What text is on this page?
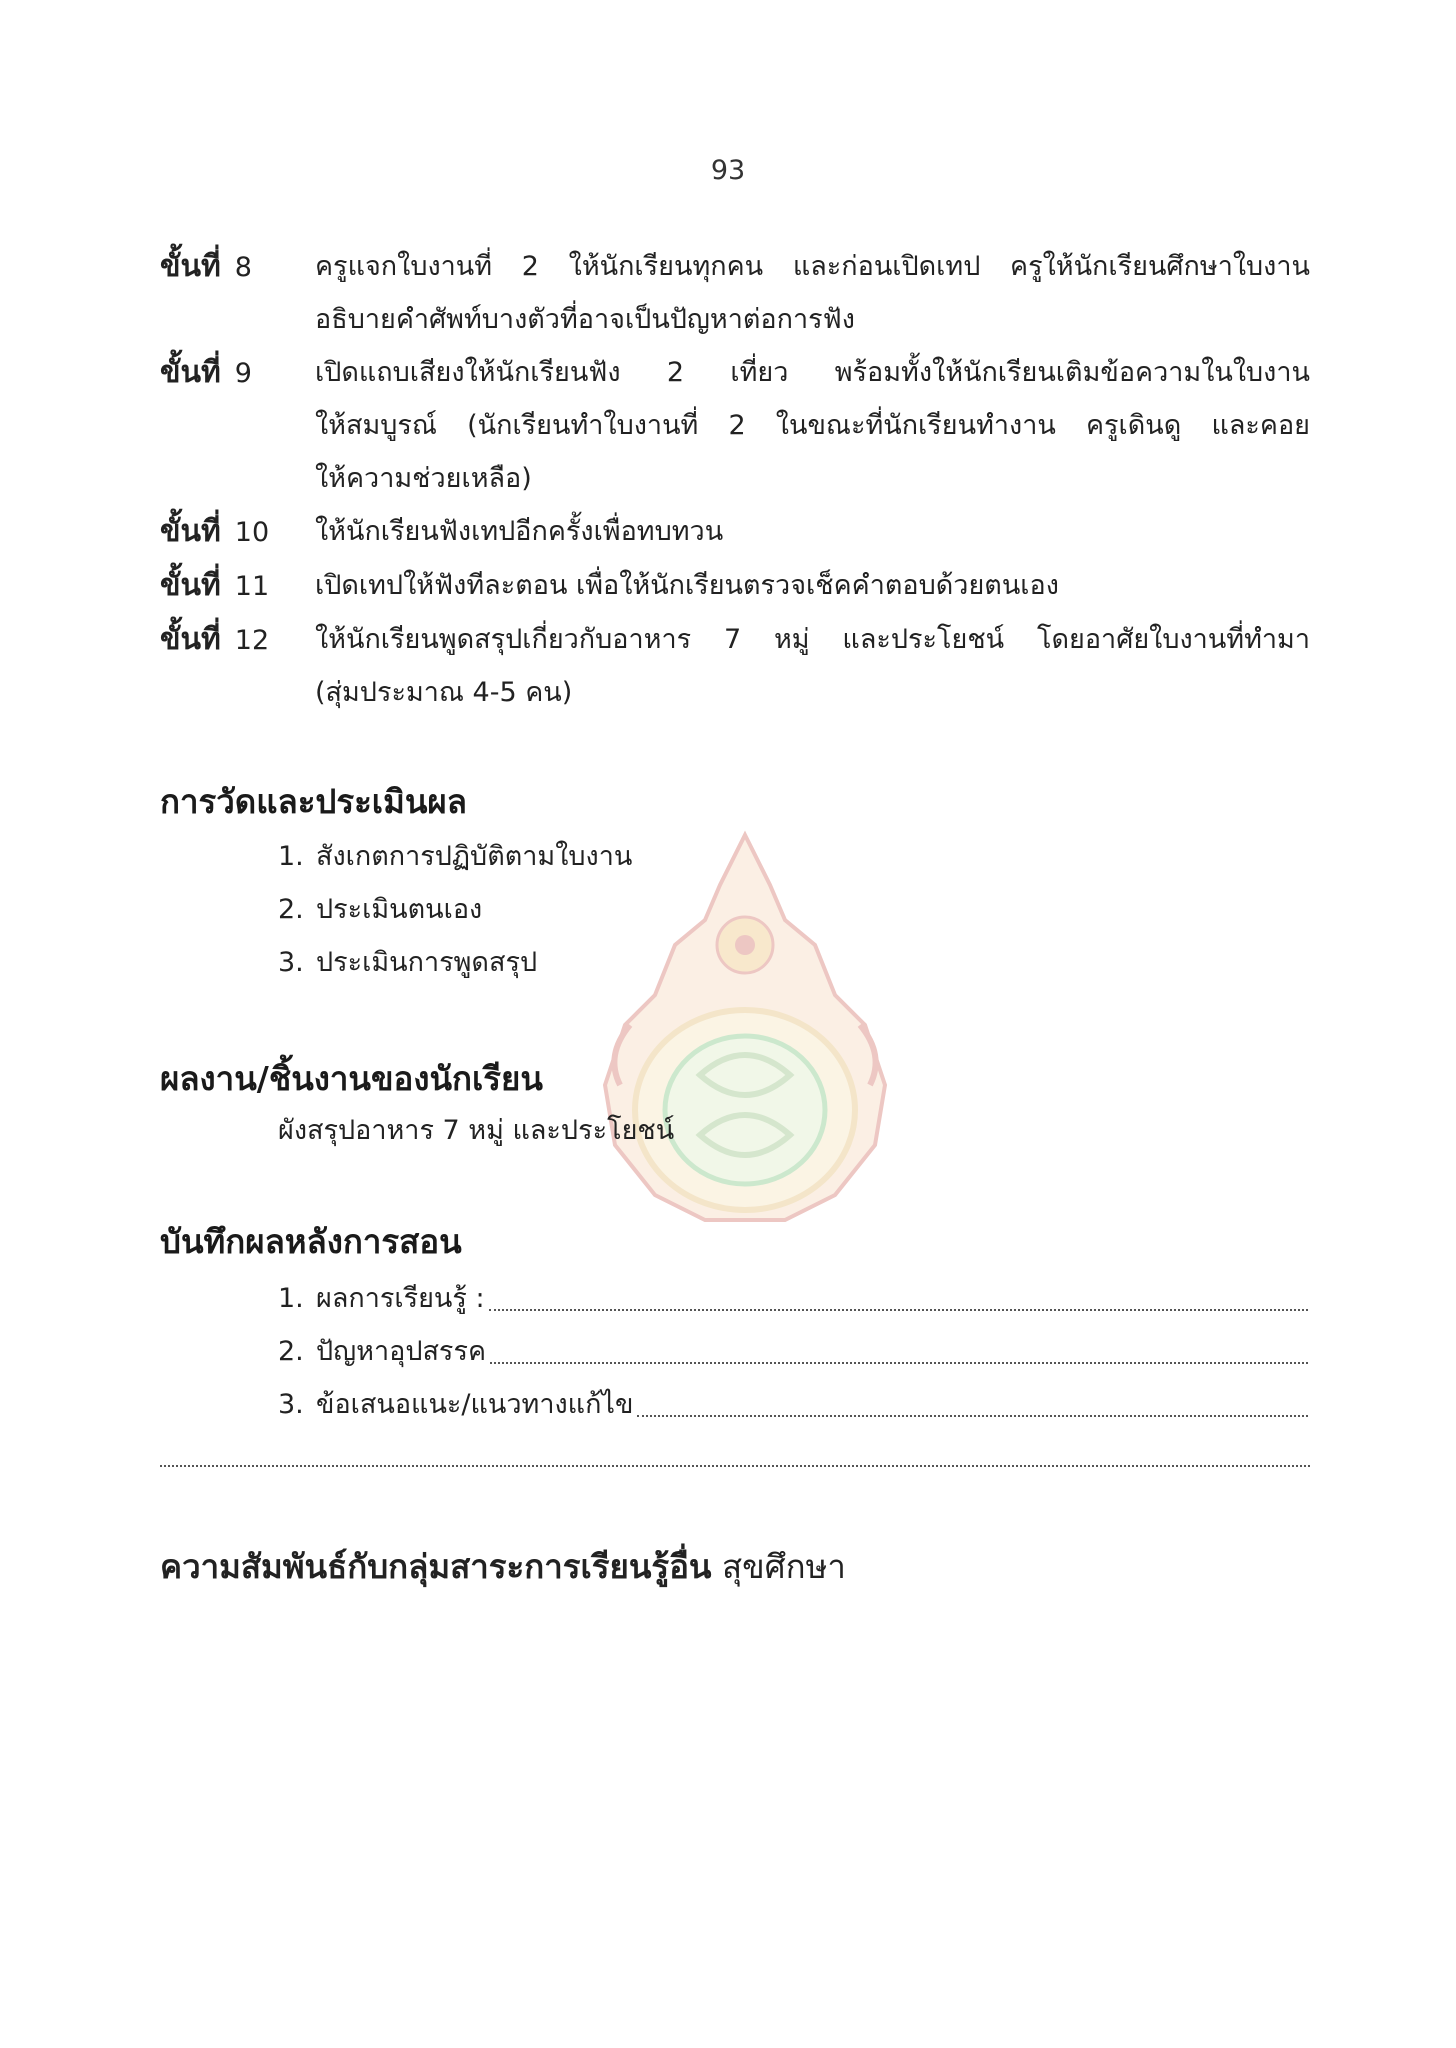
93
ขั้นที่ 8	ครูแจกใบงานที่ 2 ให้นักเรียนทุกคน และก่อนเปิดเทป ครูให้นักเรียนศึกษาใบงาน
อธิบายคำศัพท์บางตัวที่อาจเป็นปัญหาต่อการฟัง
ขั้นที่ 9	เปิดแถบเสียงให้นักเรียนฟัง 2 เที่ยว พร้อมทั้งให้นักเรียนเติมข้อความในใบงาน
ให้สมบูรณ์ (นักเรียนทำใบงานที่ 2 ในขณะที่นักเรียนทำงาน ครูเดินดู และคอย
ให้ความช่วยเหลือ)
ขั้นที่ 10	ให้นักเรียนฟังเทปอีกครั้งเพื่อทบทวน
ขั้นที่ 11	เปิดเทปให้ฟังทีละตอน เพื่อให้นักเรียนตรวจเช็คคำตอบด้วยตนเอง
ขั้นที่ 12	ให้นักเรียนพูดสรุปเกี่ยวกับอาหาร 7 หมู่ และประโยชน์ โดยอาศัยใบงานที่ทำมา
(สุ่มประมาณ 4-5 คน)
การวัดและประเมินผล
1. สังเกตการปฏิบัติตามใบงาน
2. ประเมินตนเอง
3. ประเมินการพูดสรุป
ผลงาน/ชิ้นงานของนักเรียน
ผังสรุปอาหาร 7 หมู่ และประโยชน์
บันทึกผลหลังการสอน
1. ผลการเรียนรู้ :
2. ปัญหาอุปสรรค
3. ข้อเสนอแนะ/แนวทางแก้ไข
ความสัมพันธ์กับกลุ่มสาระการเรียนรู้อื่น สุขศึกษา
